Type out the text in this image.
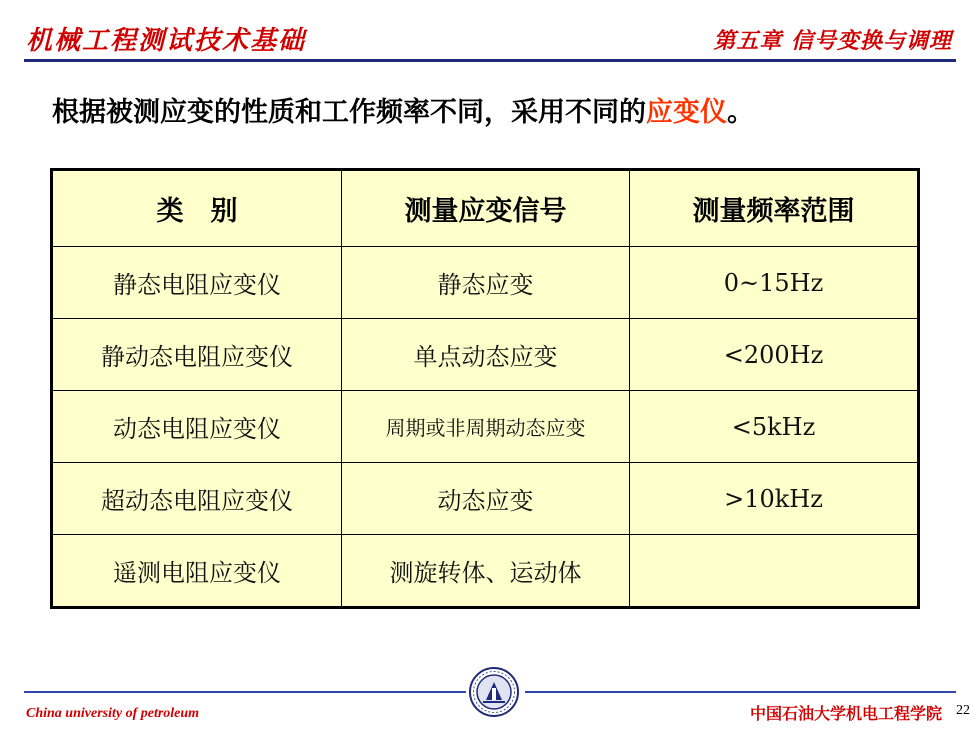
机械工程测试技术基础	第五章 信号变换与调理
根据被测应变的性质和工作频率不同，采用不同的应变仪。
类　别	测量应变信号	测量频率范围
静态电阻应变仪	静态应变	0~15Hz
静动态电阻应变仪	单点动态应变	<200Hz
动态电阻应变仪	周期或非周期动态应变	<5kHz
超动态电阻应变仪	动态应变	>10kHz
遥测电阻应变仪	测旋转体、运动体	
China university of petroleum	中国石油大学机电工程学院 22
